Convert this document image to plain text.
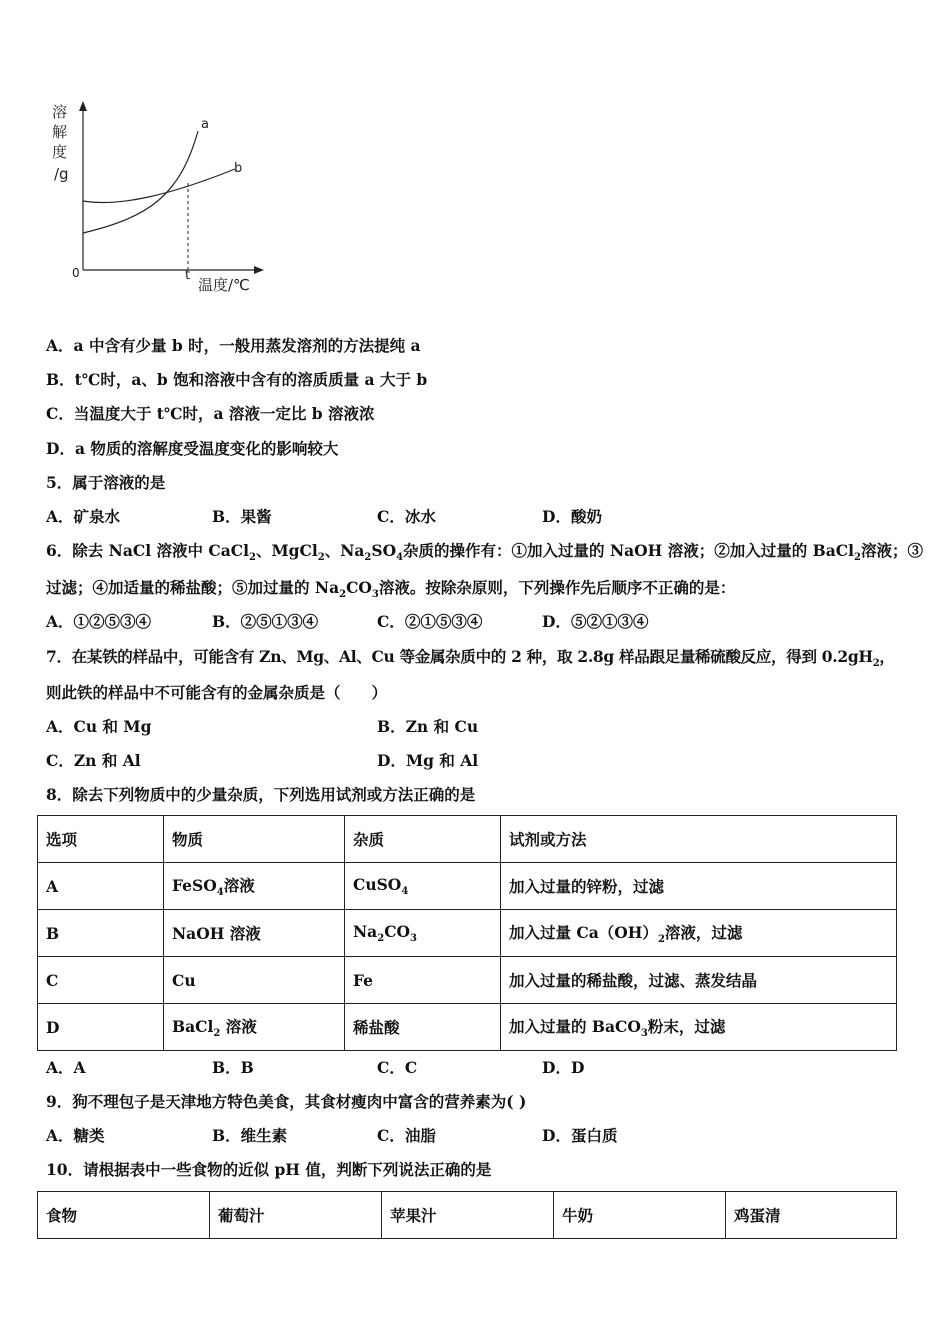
溶
解
度
/g
0	t
温度/℃
a
b
A．a 中含有少量 b 时，一般用蒸发溶剂的方法提纯 a
B．t℃时，a、b 饱和溶液中含有的溶质质量 a 大于 b
C．当温度大于 t℃时，a 溶液一定比 b 溶液浓
D．a 物质的溶解度受温度变化的影响较大
5．属于溶液的是
A．矿泉水	B．果酱	C．冰水	D．酸奶
6．除去 NaCl 溶液中 CaCl$_2$、MgCl$_2$、$Na_2SO_4$杂质的操作有：①加入过量的 NaOH 溶液；②加入过量的 BaCl$_2$溶液；③
过滤；④加适量的稀盐酸；⑤加过量的 $Na_2CO_3$溶液。按除杂原则，下列操作先后顺序不正确的是：
A．①②⑤③④	B．②⑤①③④	C．②①⑤③④	D．⑤②①③④
7．在某铁的样品中，可能含有 Zn、Mg、Al、Cu 等金属杂质中的 2 种，取 2.8g 样品跟足量稀硫酸反应，得到 $0.2gH_2$，
则此铁的样品中不可能含有的金属杂质是（　　）
A．Cu 和 Mg	B．Zn 和 Cu
C．Zn 和 Al	D．Mg 和 Al
8．除去下列物质中的少量杂质，下列选用试剂或方法正确的是
选项	物质	杂质	试剂或方法
A	FeSO$_4$溶液	CuSO$_4$	加入过量的锌粉，过滤
B	NaOH 溶液	$Na_2CO_3$	加入过量 $Ca(OH)_2$溶液，过滤
C	Cu	Fe	加入过量的稀盐酸，过滤、蒸发结晶
D	BaCl$_2$ 溶液	稀盐酸	加入过量的 BaCO$_3$粉末，过滤
A．A	B．B	C．C	D．D
9．狗不理包子是天津地方特色美食，其食材瘦肉中富含的营养素为( )
A．糖类	B．维生素	C．油脂	D．蛋白质
10．请根据表中一些食物的近似 pH 值，判断下列说法正确的是
食物	葡萄汁	苹果汁	牛奶	鸡蛋清
